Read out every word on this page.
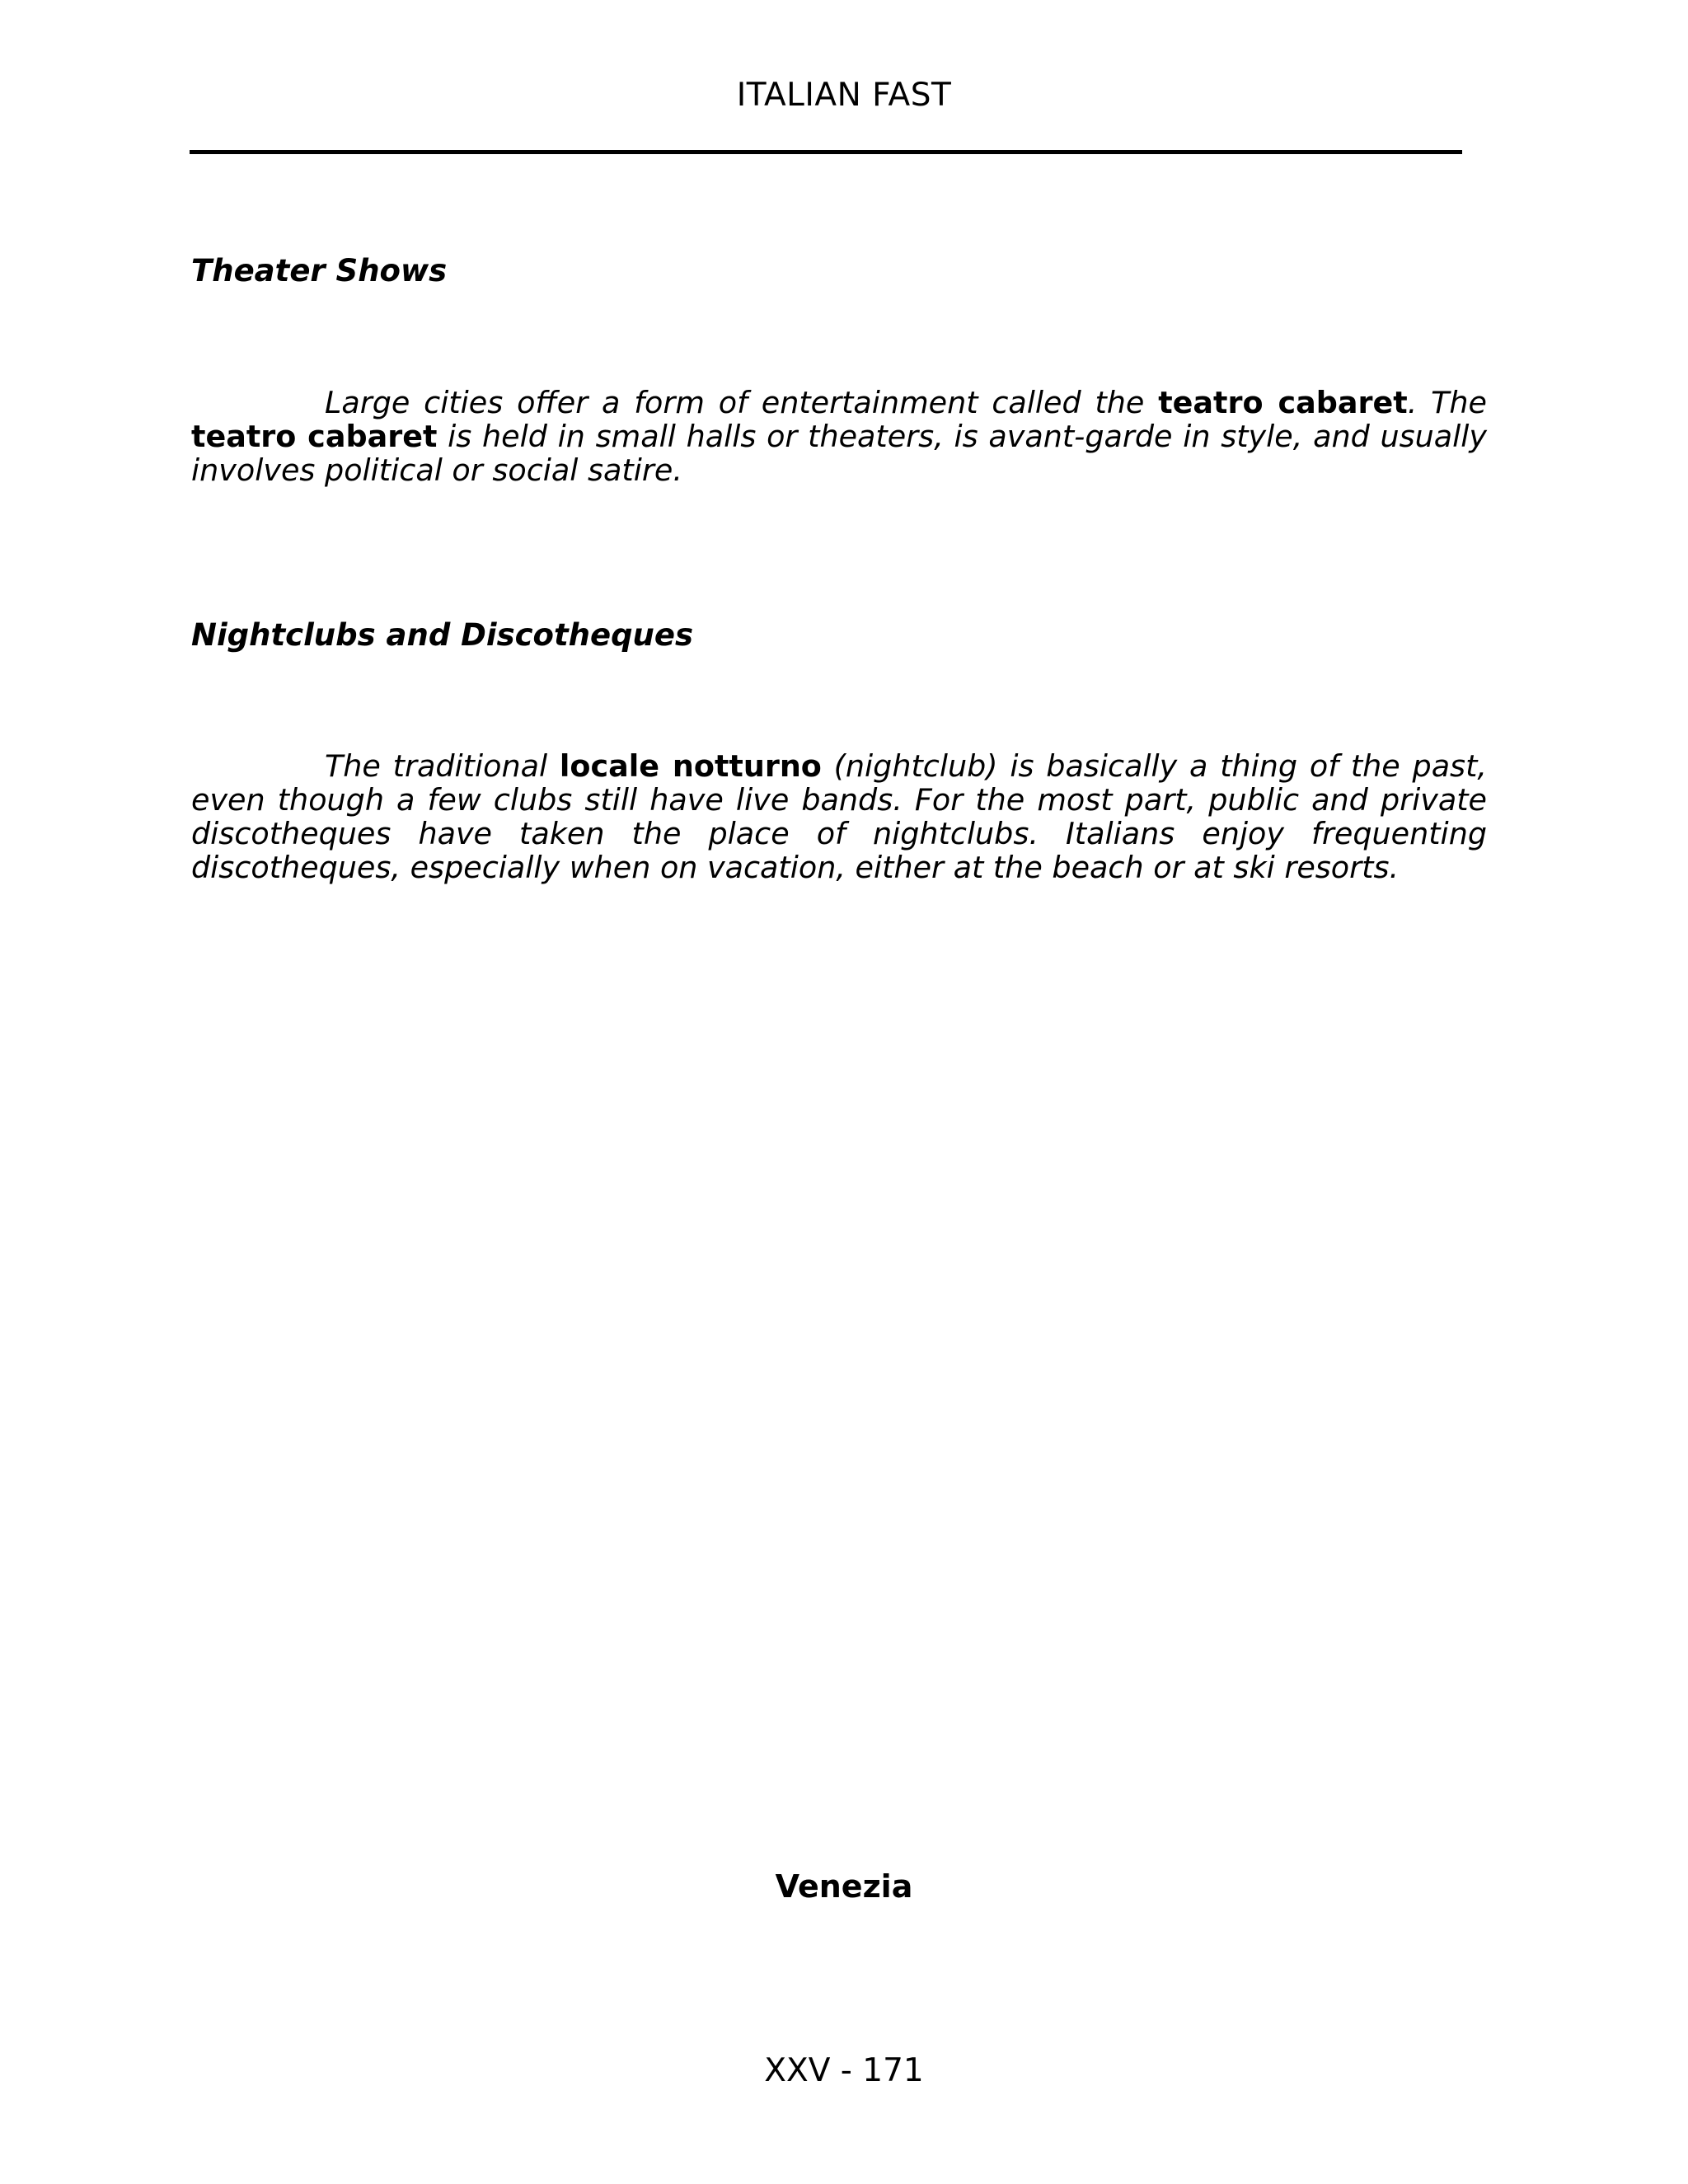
ITALIAN FAST
Theater Shows

Large cities offer a form of entertainment called the teatro cabaret. The teatro cabaret is held in small halls or theaters, is avant-garde in style, and usually involves political or social satire.

Nightclubs and Discotheques

The traditional locale notturno (nightclub) is basically a thing of the past, even though a few clubs still have live bands. For the most part, public and private discotheques have taken the place of nightclubs. Italians enjoy frequenting discotheques, especially when on vacation, either at the beach or at ski resorts.

Venezia
XXV - 171
